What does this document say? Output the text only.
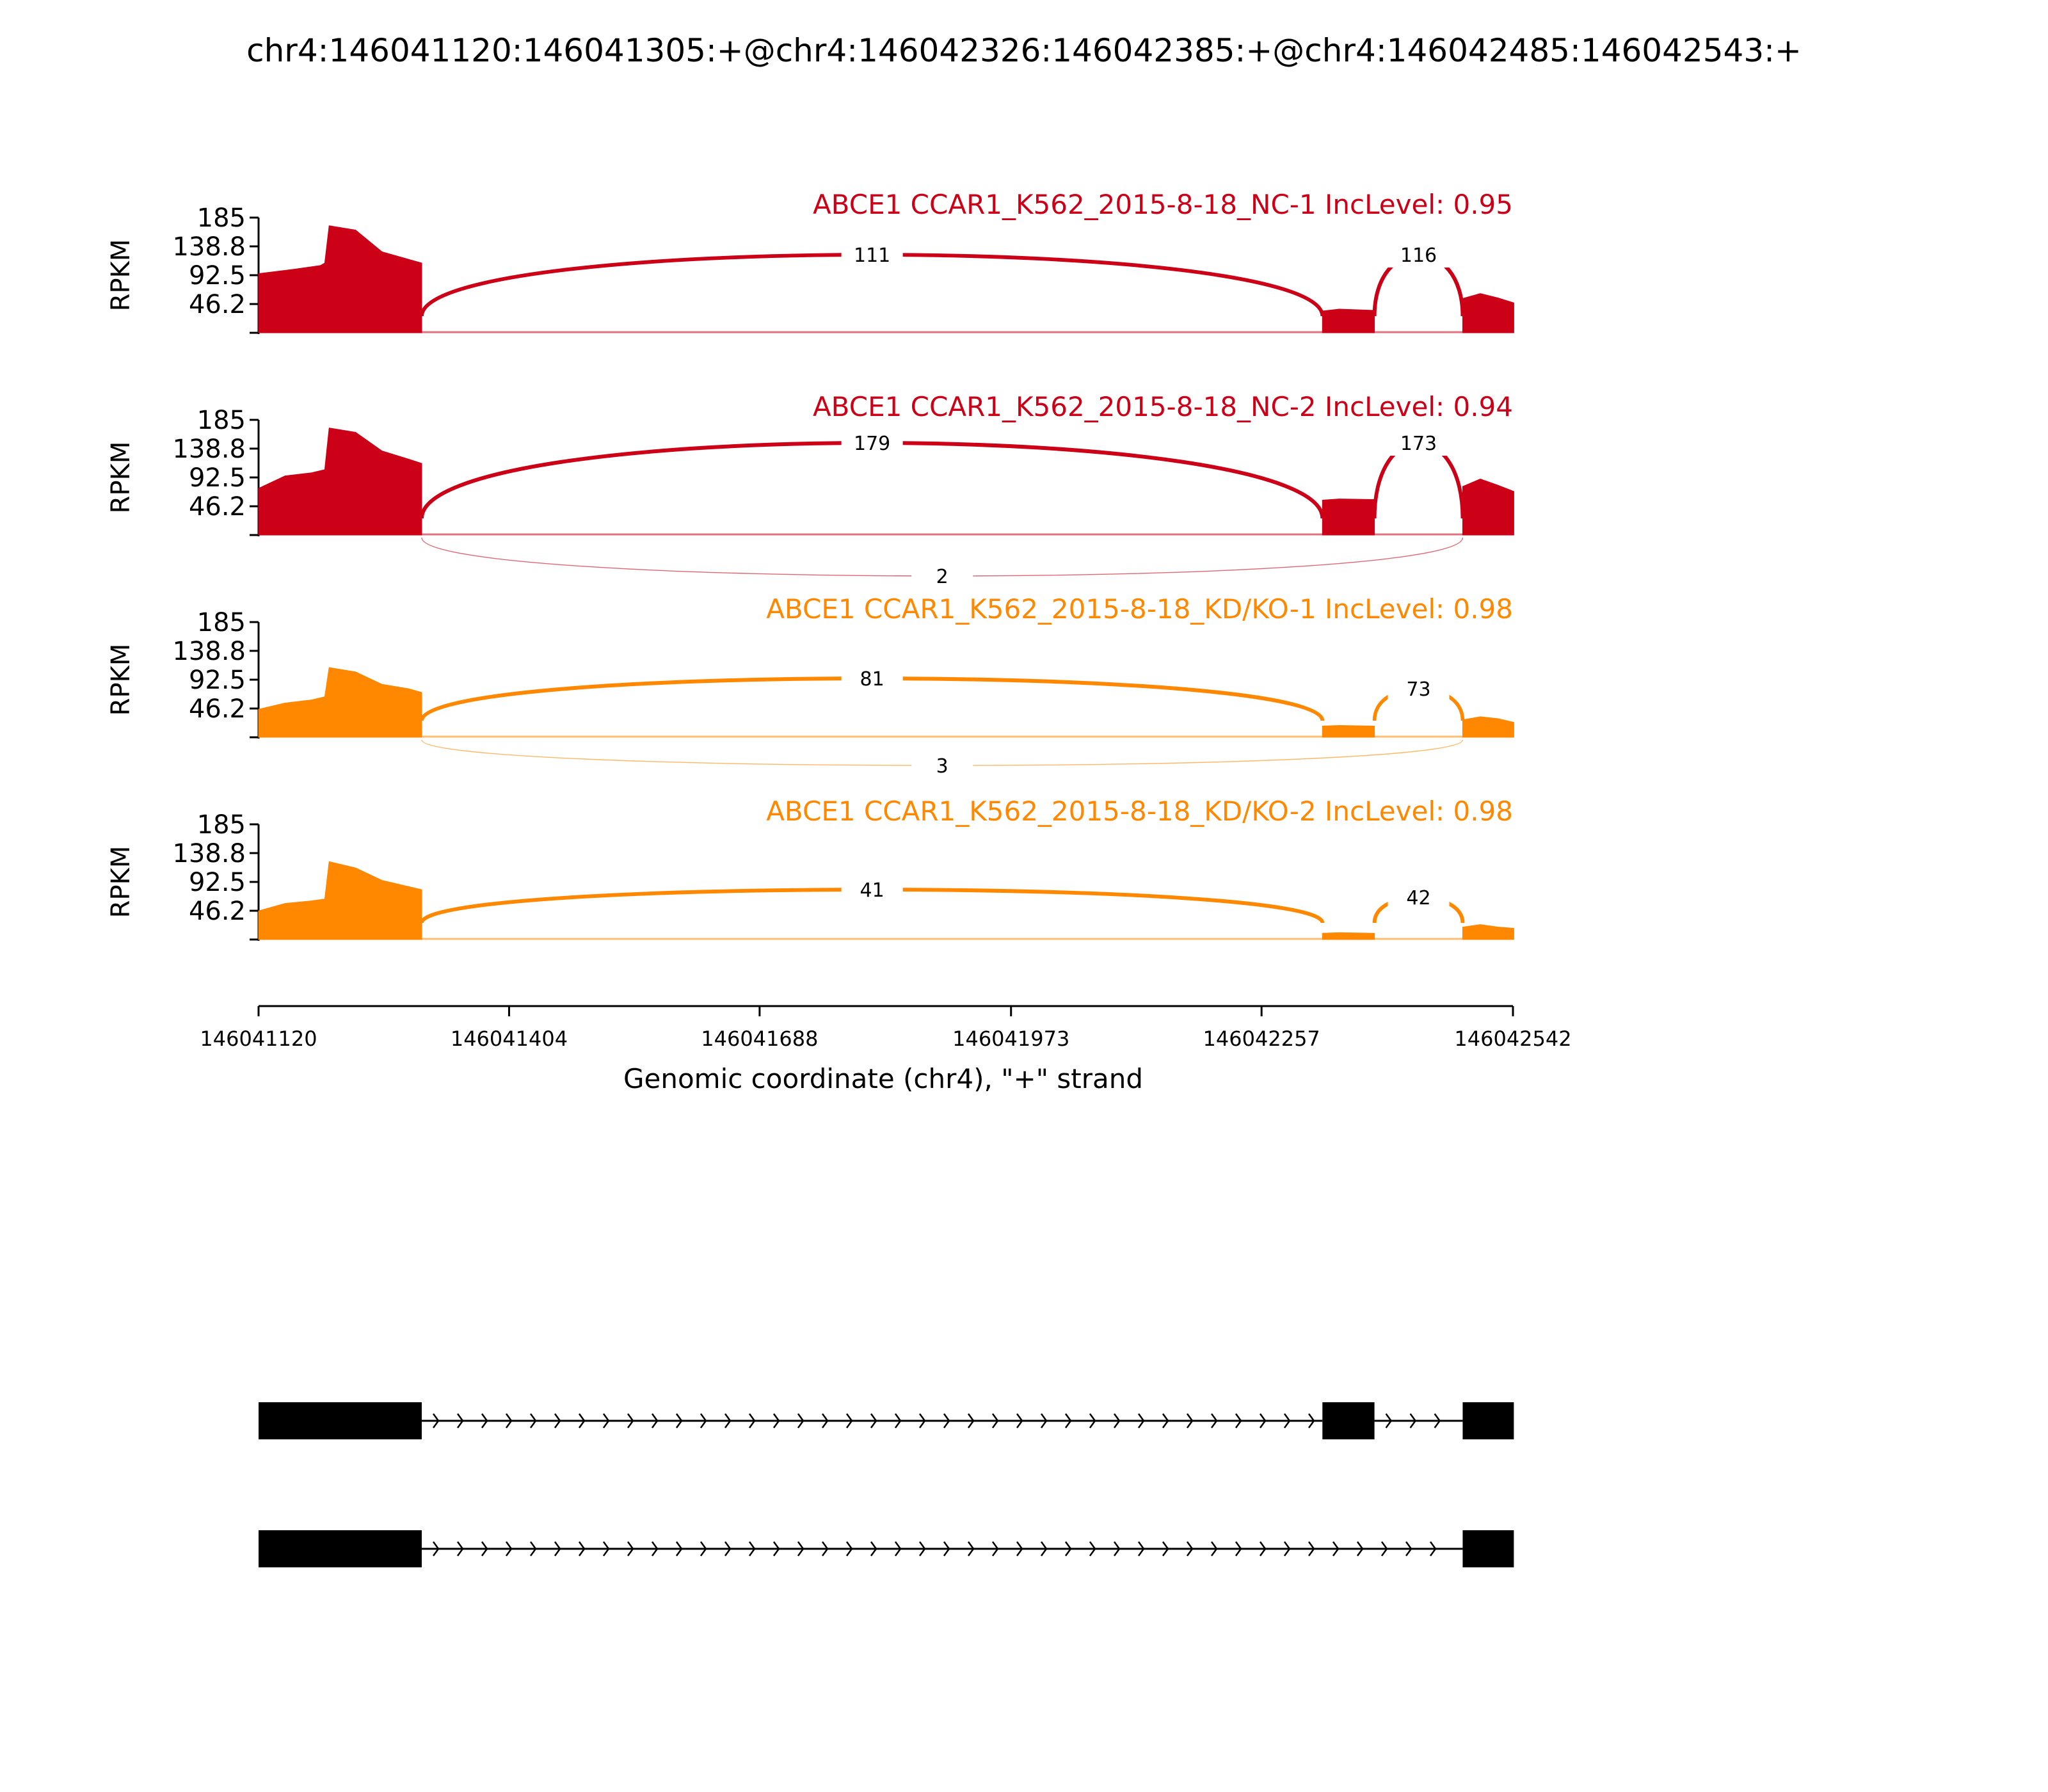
chr4:146041120:146041305:+@chr4:146042326:146042385:+@chr4:146042485:146042543:+
46.2
92.5
138.8
185
RPKM	111	116
ABCE1 CCAR1_K562_2015-8-18_NC-1 IncLevel: 0.95
46.2
92.5
138.8
185
RPKM	179	173
2
ABCE1 CCAR1_K562_2015-8-18_NC-2 IncLevel: 0.94
46.2
92.5
138.8
185
RPKM	81	73
3
ABCE1 CCAR1_K562_2015-8-18_KD/KO-1 IncLevel: 0.98
46.2
92.5
138.8
185
RPKM	41	42
ABCE1 CCAR1_K562_2015-8-18_KD/KO-2 IncLevel: 0.98
146041120	146041404	146041688	146041973	146042257	146042542
Genomic coordinate (chr4), "+" strand
